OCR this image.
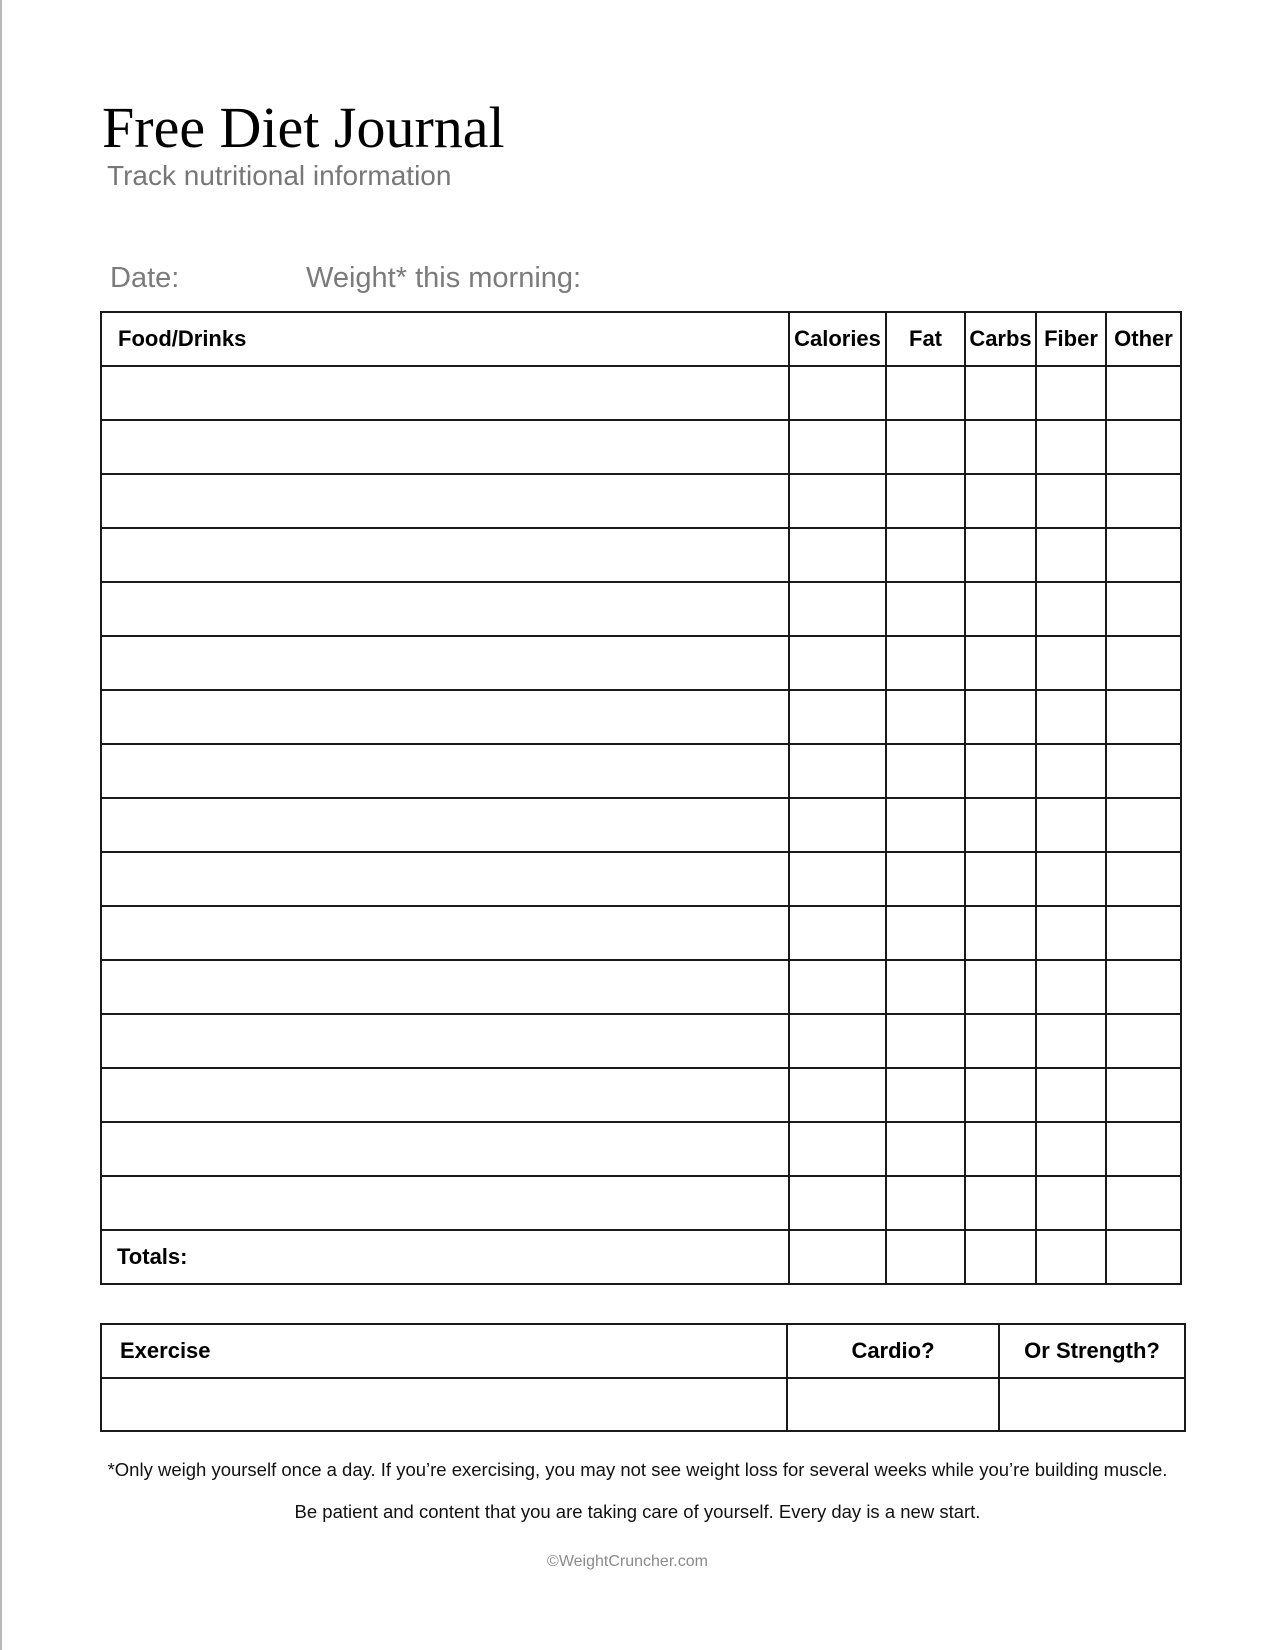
Free Diet Journal
Track nutritional information
Date:	Weight* this morning:
Food/Drinks	Calories	Fat	Carbs	Fiber	Other

Totals:					
Exercise	Cardio?	Or Strength?

*Only weigh yourself once a day. If you’re exercising, you may not see weight loss for several weeks while you’re building muscle.
Be patient and content that you are taking care of yourself. Every day is a new start.
©WeightCruncher.com
